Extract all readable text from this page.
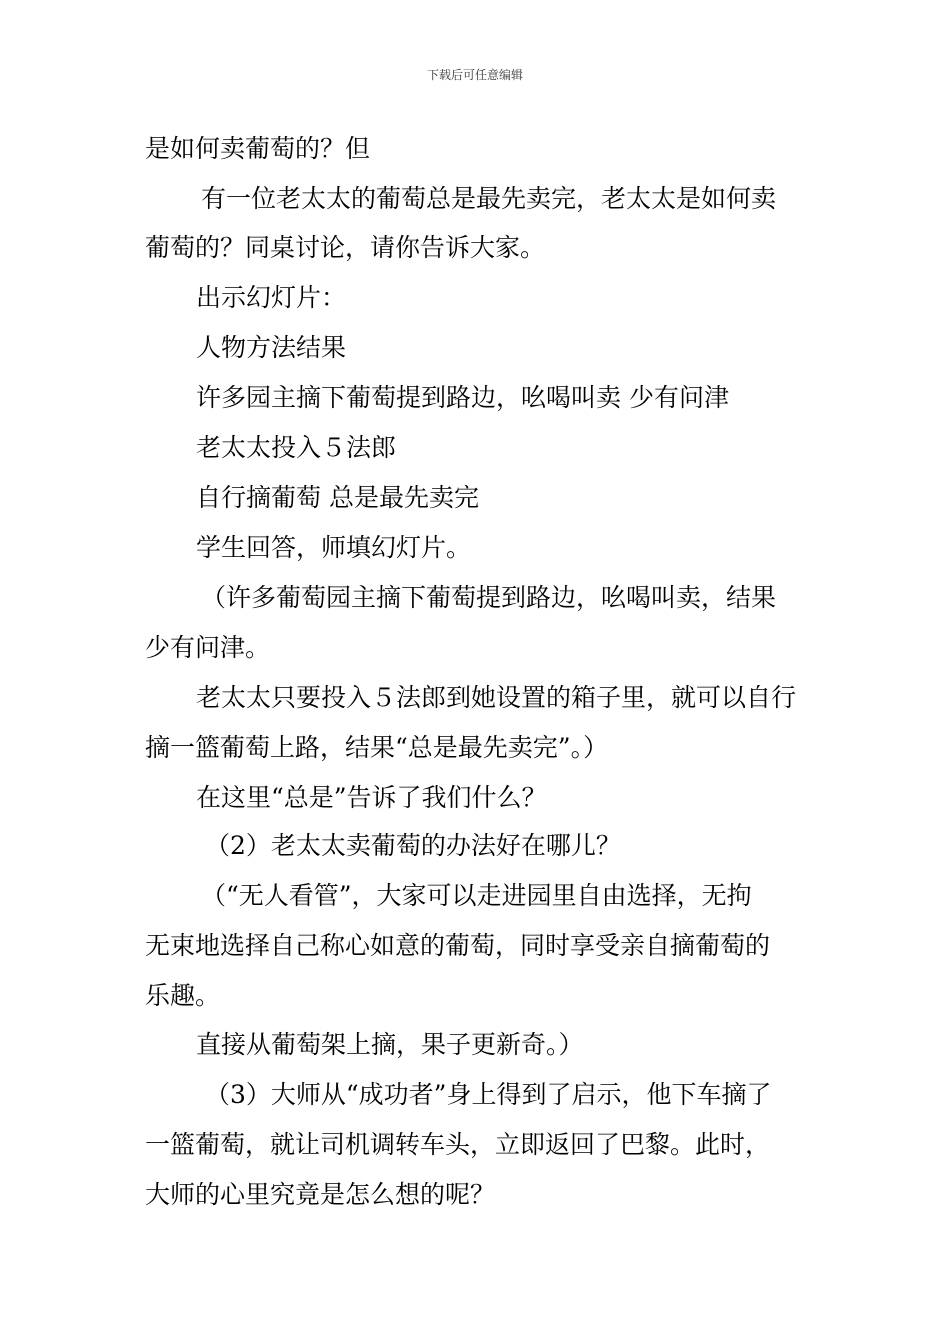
下载后可任意编辑
是如何卖葡萄的？但
有一位老太太的葡萄总是最先卖完，老太太是如何卖
葡萄的？同桌讨论，请你告诉大家。
出示幻灯片：
人物方法结果
许多园主摘下葡萄提到路边，吆喝叫卖 少有问津
老太太投入５法郎
自行摘葡萄 总是最先卖完
学生回答，师填幻灯片。
（许多葡萄园主摘下葡萄提到路边，吆喝叫卖，结果
少有问津。
老太太只要投入５法郎到她设置的箱子里，就可以自行
摘一篮葡萄上路，结果“总是最先卖完”。）
在这里“总是”告诉了我们什么？
（2）老太太卖葡萄的办法好在哪儿？
（“无人看管”，大家可以走进园里自由选择，无拘
无束地选择自己称心如意的葡萄，同时享受亲自摘葡萄的
乐趣。
直接从葡萄架上摘，果子更新奇。）
（3）大师从“成功者”身上得到了启示，他下车摘了
一篮葡萄，就让司机调转车头，立即返回了巴黎。此时，
大师的心里究竟是怎么想的呢？
